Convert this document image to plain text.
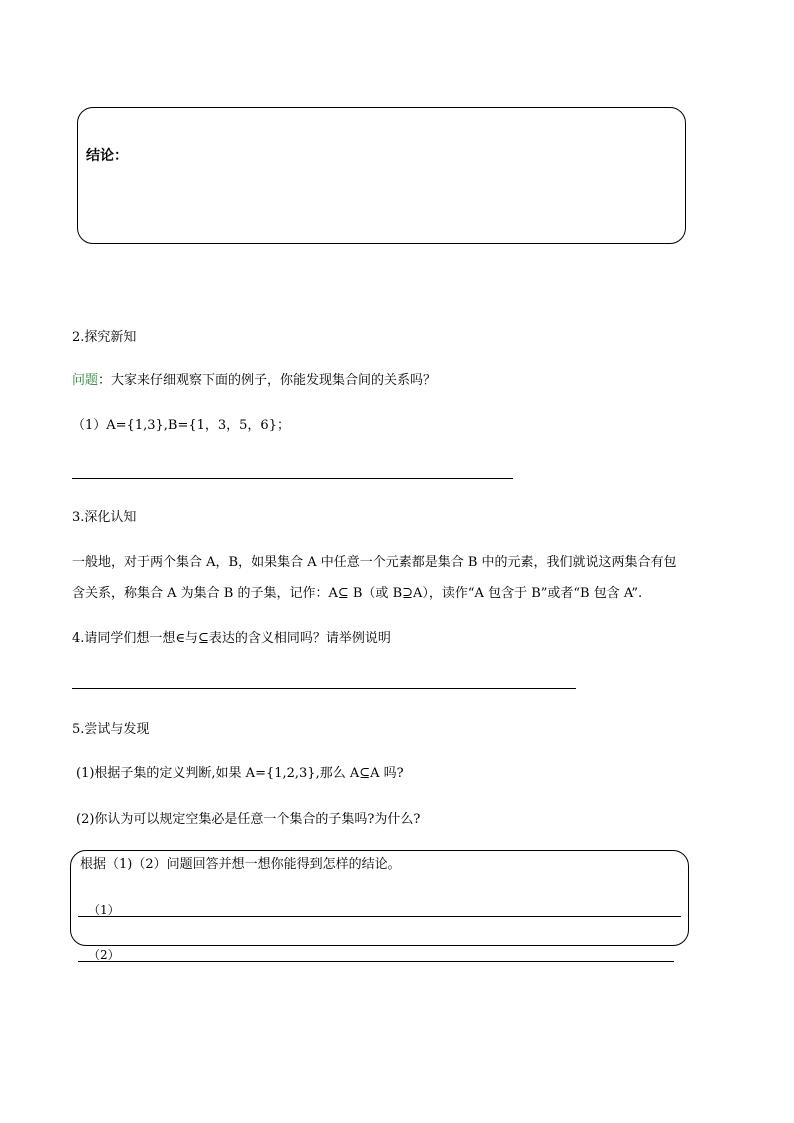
结论：
2.探究新知
问题：大家来仔细观察下面的例子，你能发现集合间的关系吗？
（1）A={1,3},B={1，3，5，6}；
3.深化认知
一般地，对于两个集合 A，B，如果集合 A 中任意一个元素都是集合 B 中的元素，我们就说这两集合有包
含关系，称集合 A 为集合 B 的子集，记作：A⊆ B（或 B⊇A），读作“A 包含于 B”或者“B 包含 A”.
4.请同学们想一想∈与⊆表达的含义相同吗？请举例说明
5.尝试与发现
(1)根据子集的定义判断,如果 A={1,2,3},那么 A⊆A 吗?
(2)你认为可以规定空集必是任意一个集合的子集吗?为什么?
根据（1)（2）问题回答并想一想你能得到怎样的结论。
（1）
（2）
